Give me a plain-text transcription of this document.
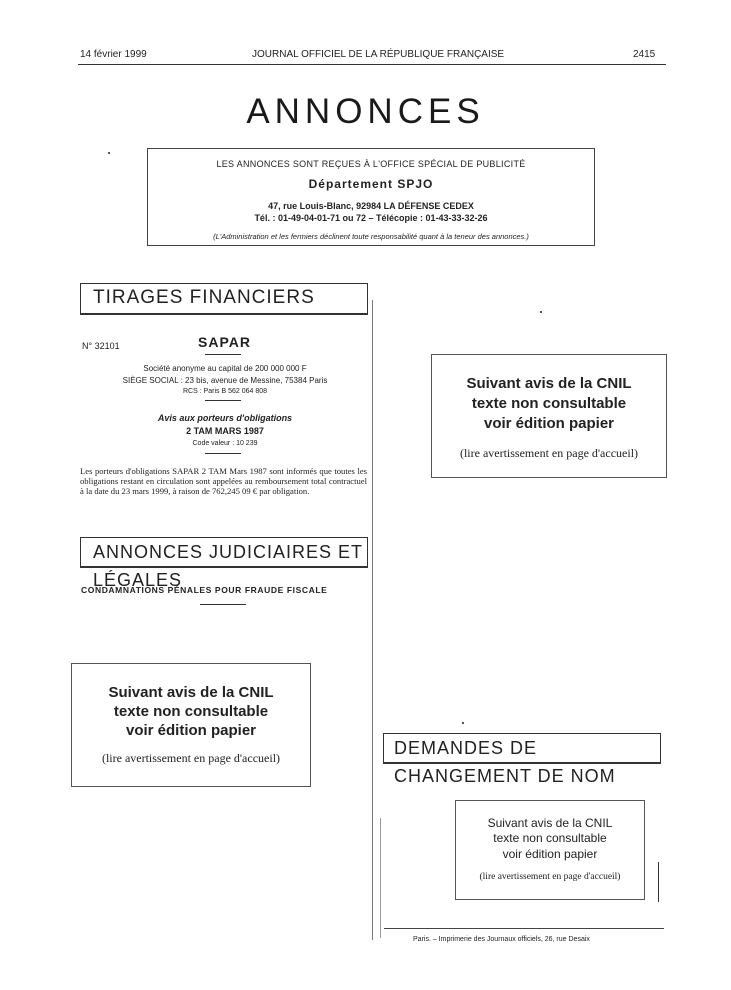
14 février 1999	JOURNAL OFFICIEL DE LA RÉPUBLIQUE FRANÇAISE	2415
ANNONCES
LES ANNONCES SONT REÇUES À L'OFFICE SPÉCIAL DE PUBLICITÉ
Département SPJO
47, rue Louis-Blanc, 92984 LA DÉFENSE CEDEX
Tél. : 01-49-04-01-71 ou 72 – Télécopie : 01-43-33-32-26
(L'Administration et les fermiers déclinent toute responsabilité quant à la teneur des annonces.)
TIRAGES FINANCIERS
N° 32101	SAPAR
Société anonyme au capital de 200 000 000 F
SIÈGE SOCIAL : 23 bis, avenue de Messine, 75384 Paris
RCS : Paris B 562 064 808
Avis aux porteurs d'obligations
2 TAM MARS 1987
Code valeur : 10 239
Les porteurs d'obligations SAPAR 2 TAM Mars 1987 sont informés que toutes les obligations restant en circulation sont appelées au remboursement total contractuel à la date du 23 mars 1999, à raison de 762,245 09 € par obligation.
ANNONCES JUDICIAIRES ET LÉGALES
CONDAMNATIONS PÉNALES POUR FRAUDE FISCALE
Suivant avis de la CNIL
texte non consultable
voir édition papier
(lire avertissement en page d'accueil)
Suivant avis de la CNIL
texte non consultable
voir édition papier
(lire avertissement en page d'accueil)	DEMANDES DE CHANGEMENT DE NOM
Suivant avis de la CNIL
texte non consultable
voir édition papier
(lire avertissement en page d'accueil)
Paris. – Imprimerie des Journaux officiels, 26, rue Desaix
